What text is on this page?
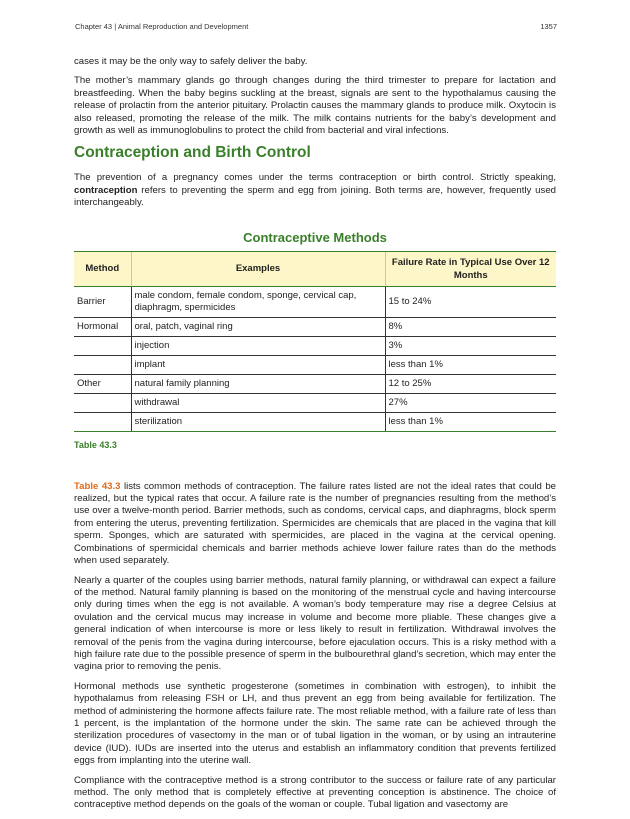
Chapter 43 | Animal Reproduction and Development	1357

cases it may be the only way to safely deliver the baby.

The mother’s mammary glands go through changes during the third trimester to prepare for lactation and breastfeeding. When the baby begins suckling at the breast, signals are sent to the hypothalamus causing the release of prolactin from the anterior pituitary. Prolactin causes the mammary glands to produce milk. Oxytocin is also released, promoting the release of the milk. The milk contains nutrients for the baby’s development and growth as well as immunoglobulins to protect the child from bacterial and viral infections.

Contraception and Birth Control

The prevention of a pregnancy comes under the terms contraception or birth control. Strictly speaking, contraception refers to preventing the sperm and egg from joining. Both terms are, however, frequently used interchangeably.

Contraceptive Methods
Method	Examples	Failure Rate in Typical Use Over 12 Months
Barrier	male condom, female condom, sponge, cervical cap, diaphragm, spermicides	15 to 24%
Hormonal	oral, patch, vaginal ring	8%
	injection	3%
	implant	less than 1%
Other	natural family planning	12 to 25%
	withdrawal	27%
	sterilization	less than 1%
Table 43.3

Table 43.3 lists common methods of contraception. The failure rates listed are not the ideal rates that could be realized, but the typical rates that occur. A failure rate is the number of pregnancies resulting from the method’s use over a twelve-month period. Barrier methods, such as condoms, cervical caps, and diaphragms, block sperm from entering the uterus, preventing fertilization. Spermicides are chemicals that are placed in the vagina that kill sperm. Sponges, which are saturated with spermicides, are placed in the vagina at the cervical opening. Combinations of spermicidal chemicals and barrier methods achieve lower failure rates than do the methods when used separately.

Nearly a quarter of the couples using barrier methods, natural family planning, or withdrawal can expect a failure of the method. Natural family planning is based on the monitoring of the menstrual cycle and having intercourse only during times when the egg is not available. A woman’s body temperature may rise a degree Celsius at ovulation and the cervical mucus may increase in volume and become more pliable. These changes give a general indication of when intercourse is more or less likely to result in fertilization. Withdrawal involves the removal of the penis from the vagina during intercourse, before ejaculation occurs. This is a risky method with a high failure rate due to the possible presence of sperm in the bulbourethral gland’s secretion, which may enter the vagina prior to removing the penis.

Hormonal methods use synthetic progesterone (sometimes in combination with estrogen), to inhibit the hypothalamus from releasing FSH or LH, and thus prevent an egg from being available for fertilization. The method of administering the hormone affects failure rate. The most reliable method, with a failure rate of less than 1 percent, is the implantation of the hormone under the skin. The same rate can be achieved through the sterilization procedures of vasectomy in the man or of tubal ligation in the woman, or by using an intrauterine device (IUD). IUDs are inserted into the uterus and establish an inflammatory condition that prevents fertilized eggs from implanting into the uterine wall.

Compliance with the contraceptive method is a strong contributor to the success or failure rate of any particular method. The only method that is completely effective at preventing conception is abstinence. The choice of contraceptive method depends on the goals of the woman or couple. Tubal ligation and vasectomy are
